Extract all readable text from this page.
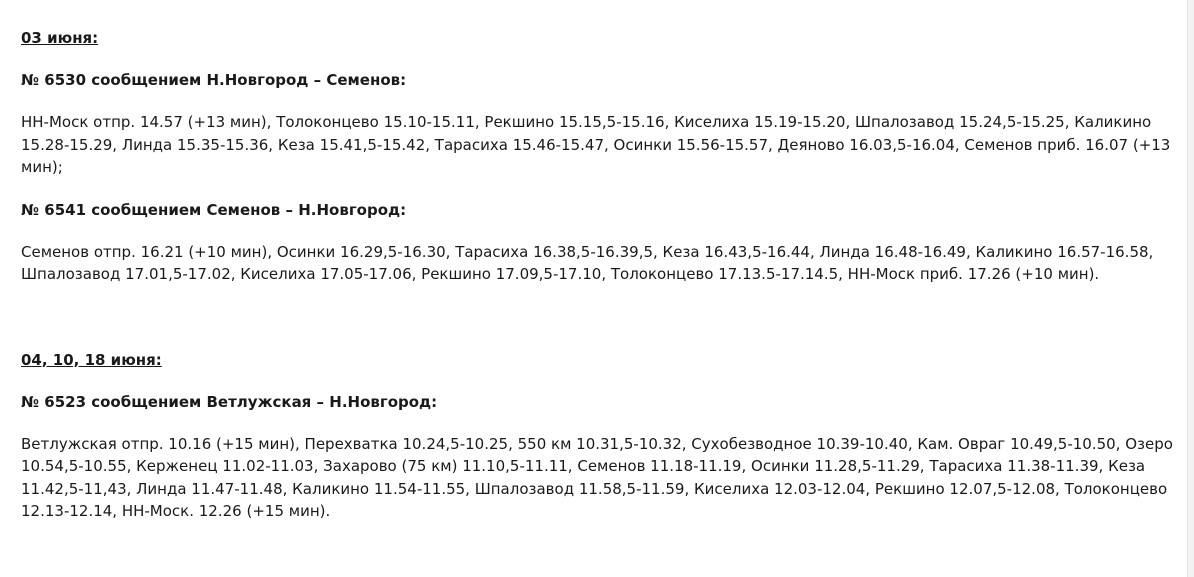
03 июня:

№ 6530 сообщением Н.Новгород – Семенов:

НН-Моск отпр. 14.57 (+13 мин), Толоконцево 15.10-15.11, Рекшино 15.15,5-15.16, Киселиха 15.19-15.20, Шпалозавод 15.24,5-15.25, Каликино 15.28-15.29, Линда 15.35-15.36, Кеза 15.41,5-15.42, Тарасиха 15.46-15.47, Осинки 15.56-15.57, Деяново 16.03,5-16.04, Семенов приб. 16.07 (+13 мин);

№ 6541 сообщением Семенов – Н.Новгород:

Семенов отпр. 16.21 (+10 мин), Осинки 16.29,5-16.30, Тарасиха 16.38,5-16.39,5, Кеза 16.43,5-16.44, Линда 16.48-16.49, Каликино 16.57-16.58, Шпалозавод 17.01,5-17.02, Киселиха 17.05-17.06, Рекшино 17.09,5-17.10, Толоконцево 17.13.5-17.14.5, НН-Моск приб. 17.26 (+10 мин).

04, 10, 18 июня:

№ 6523 сообщением Ветлужская – Н.Новгород:

Ветлужская отпр. 10.16 (+15 мин), Перехватка 10.24,5-10.25, 550 км 10.31,5-10.32, Сухобезводное 10.39-10.40, Кам. Овраг 10.49,5-10.50, Озеро 10.54,5-10.55, Керженец 11.02-11.03, Захарово (75 км) 11.10,5-11.11, Семенов 11.18-11.19, Осинки 11.28,5-11.29, Тарасиха 11.38-11.39, Кеза 11.42,5-11,43, Линда 11.47-11.48, Каликино 11.54-11.55, Шпалозавод 11.58,5-11.59, Киселиха 12.03-12.04, Рекшино 12.07,5-12.08, Толоконцево 12.13-12.14, НН-Моск. 12.26 (+15 мин).
